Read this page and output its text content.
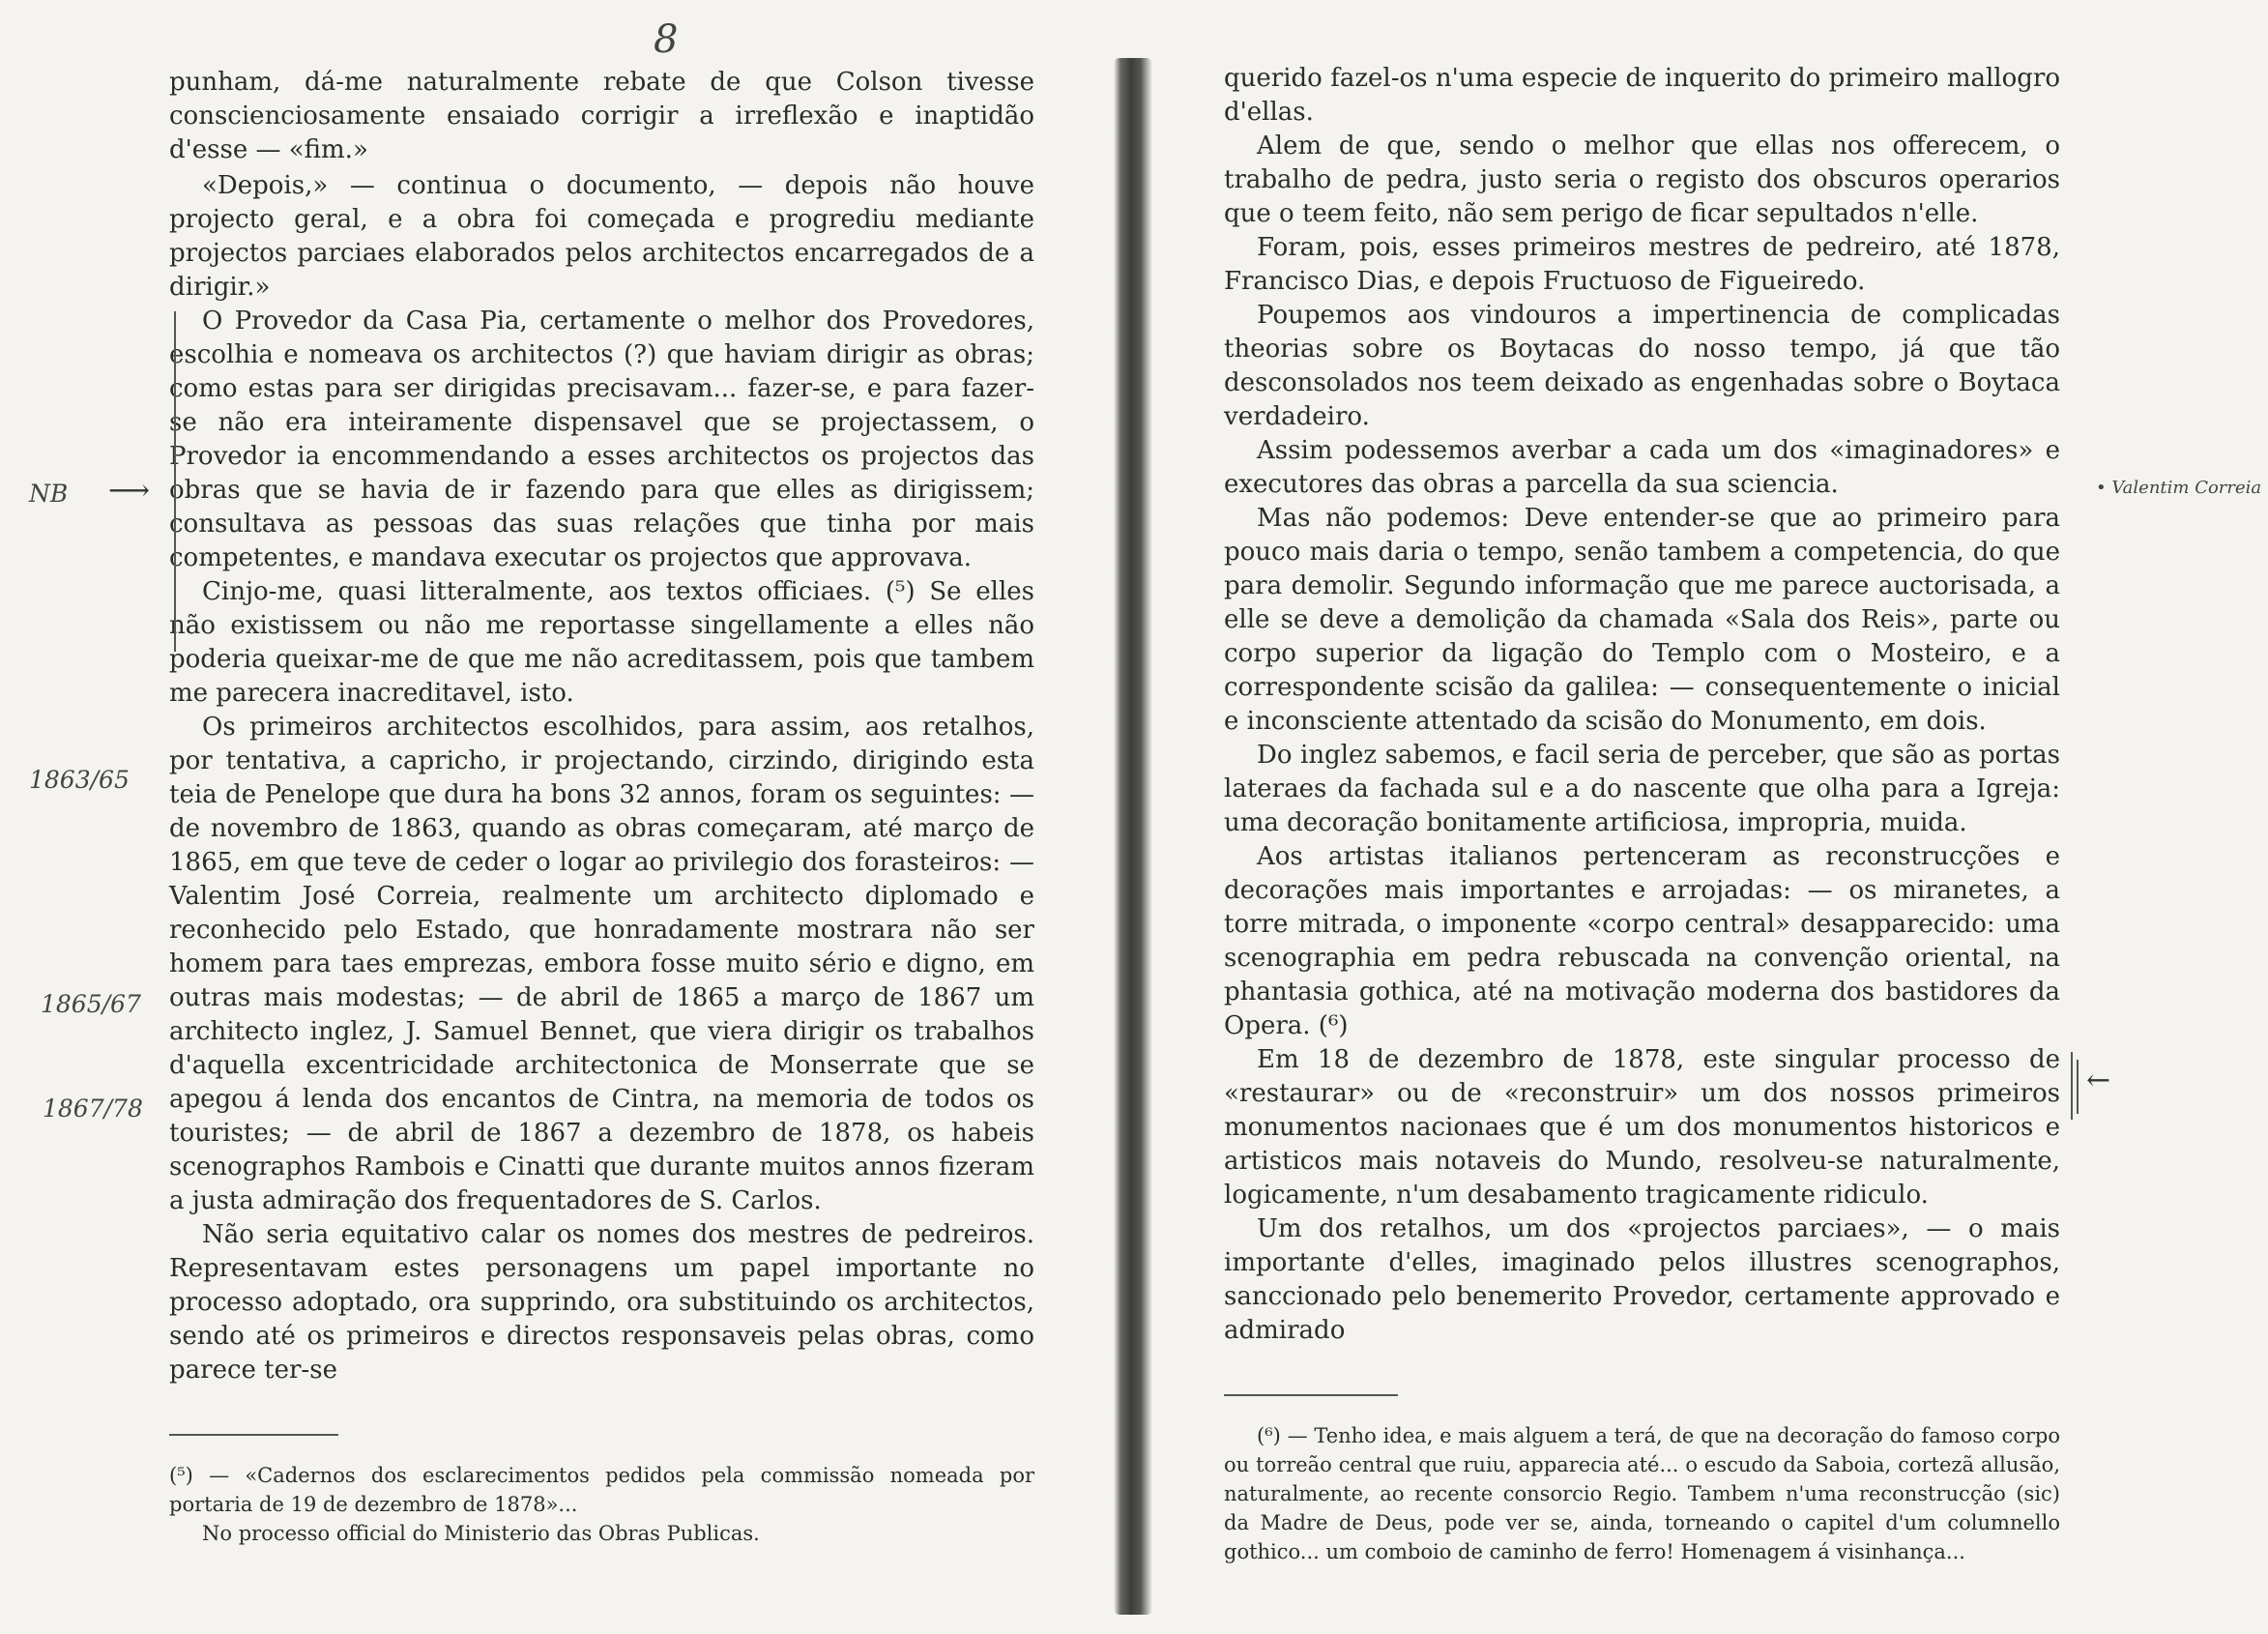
8

punham, dá-me naturalmente rebate de que Colson tivesse conscienciosamente ensaiado corrigir a irreflexão e inaptidão d'esse — «fim.»

«Depois,» — continua o documento, — depois não houve projecto geral, e a obra foi começada e progrediu mediante projectos parciaes elaborados pelos architectos encarregados de a dirigir.»

O Provedor da Casa Pia, certamente o melhor dos Provedores, escolhia e nomeava os architectos (?) que haviam dirigir as obras; como estas para ser dirigidas precisavam... fazer-se, e para fazer-se não era inteiramente dispensavel que se projectassem, o Provedor ia encommendando a esses architectos os projectos das obras que se havia de ir fazendo para que elles as dirigissem; consultava as pessoas das suas relações que tinha por mais competentes, e mandava executar os projectos que approvava.

Cinjo-me, quasi litteralmente, aos textos officiaes. (⁵) Se elles não existissem ou não me reportasse singellamente a elles não poderia queixar-me de que me não acreditassem, pois que tambem me parecera inacreditavel, isto.

Os primeiros architectos escolhidos, para assim, aos retalhos, por tentativa, a capricho, ir projectando, cirzindo, dirigindo esta teia de Penelope que dura ha bons 32 annos, foram os seguintes: — de novembro de 1863, quando as obras começaram, até março de 1865, em que teve de ceder o logar ao privilegio dos forasteiros: — Valentim José Correia, realmente um architecto diplomado e reconhecido pelo Estado, que honradamente mostrara não ser homem para taes emprezas, embora fosse muito sério e digno, em outras mais modestas; — de abril de 1865 a março de 1867 um architecto inglez, J. Samuel Bennet, que viera dirigir os trabalhos d'aquella excentricidade architectonica de Monserrate que se apegou á lenda dos encantos de Cintra, na memoria de todos os touristes; — de abril de 1867 a dezembro de 1878, os habeis scenographos Rambois e Cinatti que durante muitos annos fizeram a justa admiração dos frequentadores de S. Carlos.

Não seria equitativo calar os nomes dos mestres de pedreiros. Representavam estes personagens um papel importante no processo adoptado, ora supprindo, ora substituindo os architectos, sendo até os primeiros e directos responsaveis pelas obras, como parece ter-se

(⁵) — «Cadernos dos esclarecimentos pedidos pela commissão nomeada por portaria de 19 de dezembro de 1878»...

No processo official do Ministerio das Obras Publicas.

NB ⟶
1863/65
1865/67
1867/78

querido fazel-os n'uma especie de inquerito do primeiro mallogro d'ellas.

Alem de que, sendo o melhor que ellas nos offerecem, o trabalho de pedra, justo seria o registo dos obscuros operarios que o teem feito, não sem perigo de ficar sepultados n'elle.

Foram, pois, esses primeiros mestres de pedreiro, até 1878, Francisco Dias, e depois Fructuoso de Figueiredo.

Poupemos aos vindouros a impertinencia de complicadas theorias sobre os Boytacas do nosso tempo, já que tão desconsolados nos teem deixado as engenhadas sobre o Boytaca verdadeiro.

Assim podessemos averbar a cada um dos «imaginadores» e executores das obras a parcella da sua sciencia.

Mas não podemos: Deve entender-se que ao primeiro para pouco mais daria o tempo, senão tambem a competencia, do que para demolir. Segundo informação que me parece auctorisada, a elle se deve a demolição da chamada «Sala dos Reis», parte ou corpo superior da ligação do Templo com o Mosteiro, e a correspondente scisão da galilea: — consequentemente o inicial e inconsciente attentado da scisão do Monumento, em dois.

Do inglez sabemos, e facil seria de perceber, que são as portas lateraes da fachada sul e a do nascente que olha para a Igreja: uma decoração bonitamente artificiosa, impropria, muida.

Aos artistas italianos pertenceram as reconstrucções e decorações mais importantes e arrojadas: — os miranetes, a torre mitrada, o imponente «corpo central» desapparecido: uma scenographia em pedra rebuscada na convenção oriental, na phantasia gothica, até na motivação moderna dos bastidores da Opera. (⁶)

Em 18 de dezembro de 1878, este singular processo de «restaurar» ou de «reconstruir» um dos nossos primeiros monumentos nacionaes que é um dos monumentos historicos e artisticos mais notaveis do Mundo, resolveu-se naturalmente, logicamente, n'um desabamento tragicamente ridiculo.

Um dos retalhos, um dos «projectos parciaes», — o mais importante d'elles, imaginado pelos illustres scenographos, sanccionado pelo benemerito Provedor, certamente approvado e admirado

(⁶) — Tenho idea, e mais alguem a terá, de que na decoração do famoso corpo ou torreão central que ruiu, apparecia até... o escudo da Saboia, cortezã allusão, naturalmente, ao recente consorcio Regio. Tambem n'uma reconstrucção (sic) da Madre de Deus, pode ver se, ainda, torneando o capitel d'um columnello gothico... um comboio de caminho de ferro! Homenagem á visinhança...

• Valentim Correia
←
